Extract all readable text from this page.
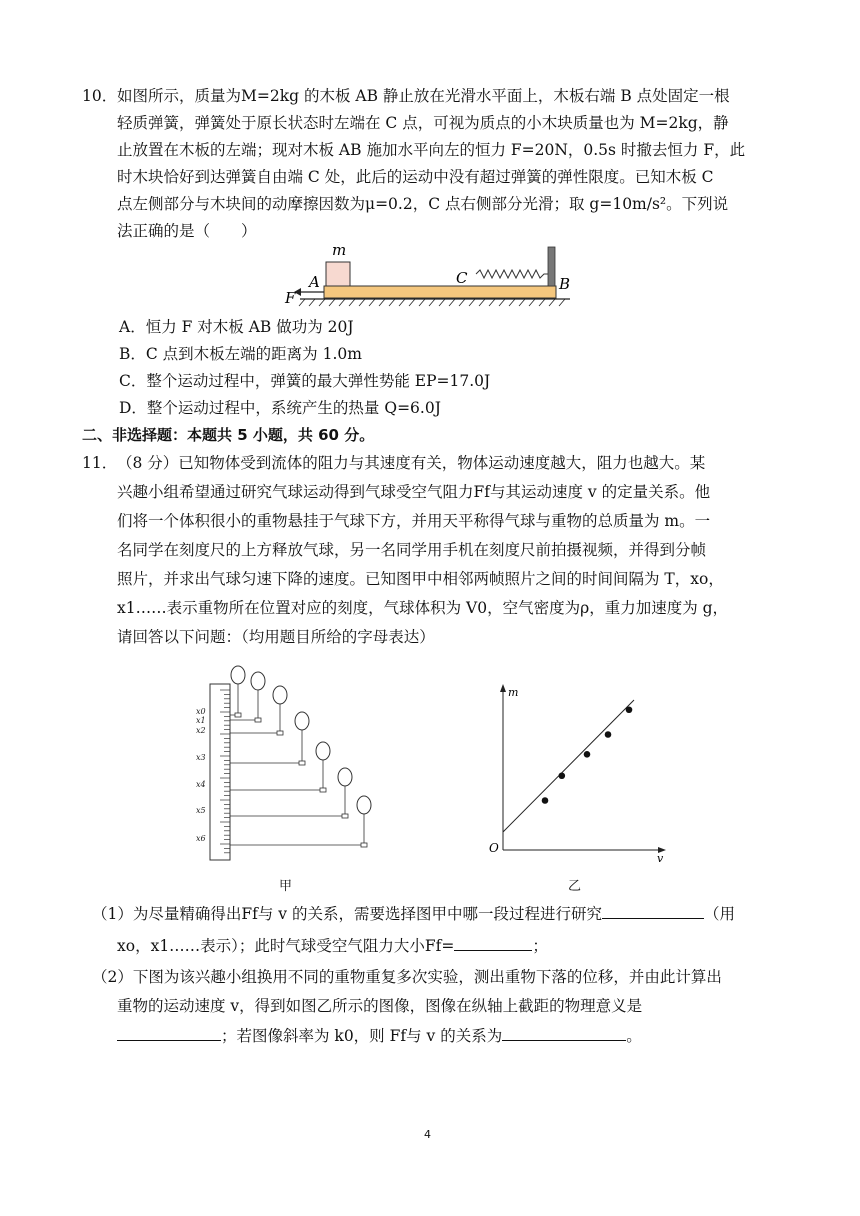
10． 如图所示，质量为M=2kg 的木板 AB 静止放在光滑水平面上，木板右端 B 点处固定一根
轻质弹簧，弹簧处于原长状态时左端在 C 点，可视为质点的小木块质量也为 M=2kg，静
止放置在木板的左端；现对木板 AB 施加水平向左的恒力 F=20N，0.5s 时撤去恒力 F，此
时木块恰好到达弹簧自由端 C 处，此后的运动中没有超过弹簧的弹性限度。已知木板 C
点左侧部分与木块间的动摩擦因数为μ=0.2，C 点右侧部分光滑；取 g=10m/s²。下列说
法正确的是（　　）
m
A	C	B
F
A．恒力 F 对木板 AB 做功为 20J
B．C 点到木板左端的距离为 1.0m
C．整个运动过程中，弹簧的最大弹性势能 EP=17.0J
D．整个运动过程中，系统产生的热量 Q=6.0J
二、非选择题：本题共 5 小题，共 60 分。
11． （8 分）已知物体受到流体的阻力与其速度有关，物体运动速度越大，阻力也越大。某
兴趣小组希望通过研究气球运动得到气球受空气阻力Ff与其运动速度 v 的定量关系。他
们将一个体积很小的重物悬挂于气球下方，并用天平称得气球与重物的总质量为 m。一
名同学在刻度尺的上方释放气球，另一名同学用手机在刻度尺前拍摄视频，并得到分帧
照片，并求出气球匀速下降的速度。已知图甲中相邻两帧照片之间的时间间隔为 T，xo，
x1……表示重物所在位置对应的刻度，气球体积为 V0，空气密度为ρ，重力加速度为 g，
请回答以下问题：（均用题目所给的字母表达）
x0
x1
x2
x3
x4
x5
x6
甲
m
v
O
乙
（1）为尽量精确得出Ff与 v 的关系，需要选择图甲中哪一段过程进行研究	（用
xo，x1……表示）；此时气球受空气阻力大小Ff=	；
（2）下图为该兴趣小组换用不同的重物重复多次实验，测出重物下落的位移，并由此计算出
重物的运动速度 v，得到如图乙所示的图像，图像在纵轴上截距的物理意义是
；若图像斜率为 k0，则 Ff与 v 的关系为	。
4
